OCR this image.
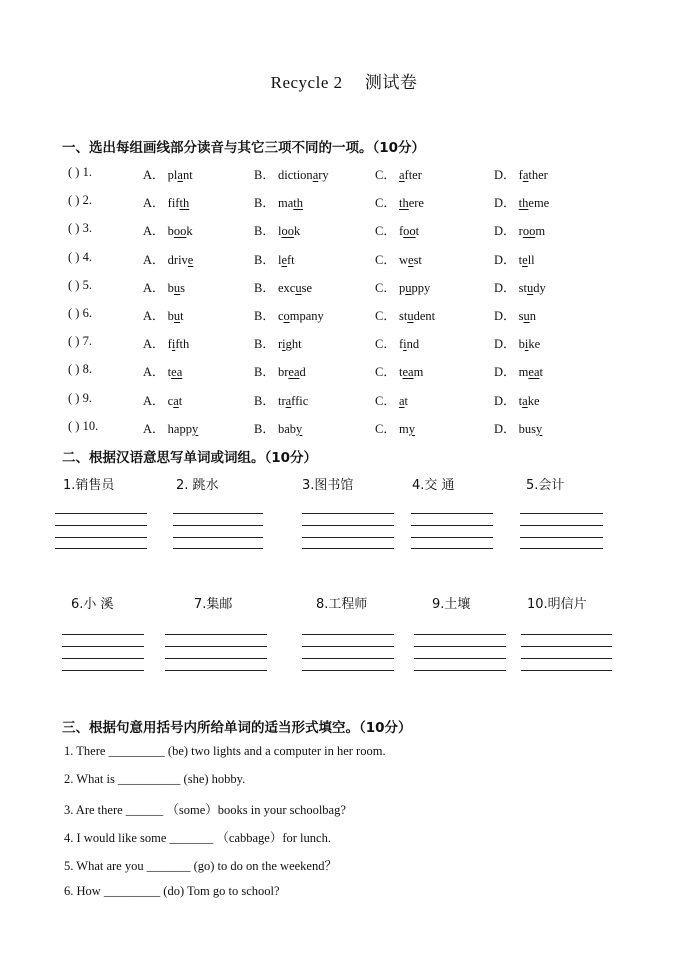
Recycle 2　 测试卷
一、选出每组画线部分读音与其它三项不同的一项。（10分）
( ) 1.	A． plant	B． dictionary	C． after	D． father
( ) 2.	A． fifth	B． math	C． there	D． theme
( ) 3.	A． book	B． look	C． foot	D． room
( ) 4.	A． drive	B． left	C． west	D． tell
( ) 5.	A． bus	B． excuse	C． puppy	D． study
( ) 6.	A． but	B． company	C． student	D． sun
( ) 7.	A． fifth	B． right	C． find	D． bike
( ) 8.	A． tea	B． bread	C． team	D． meat
( ) 9.	A． cat	B． traffic	C． at	D． take
( ) 10.	A． happy	B． baby	C． my	D． busy
二、根据汉语意思写单词或词组。（10分）
1.销售员	2. 跳水	3.图书馆	4.交 通	5.会计
6.小 溪	7.集邮	8.工程师	9.土壤	10.明信片
三、根据句意用括号内所给单词的适当形式填空。（10分）
1. There _________ (be) two lights and a computer in her room.
2. What is __________ (she) hobby.
3. Are there ______ （some）books in your schoolbag?
4. I would like some _______ （cabbage）for lunch.
5. What are you _______ (go) to do on the weekend？
6. How _________ (do) Tom go to school?
